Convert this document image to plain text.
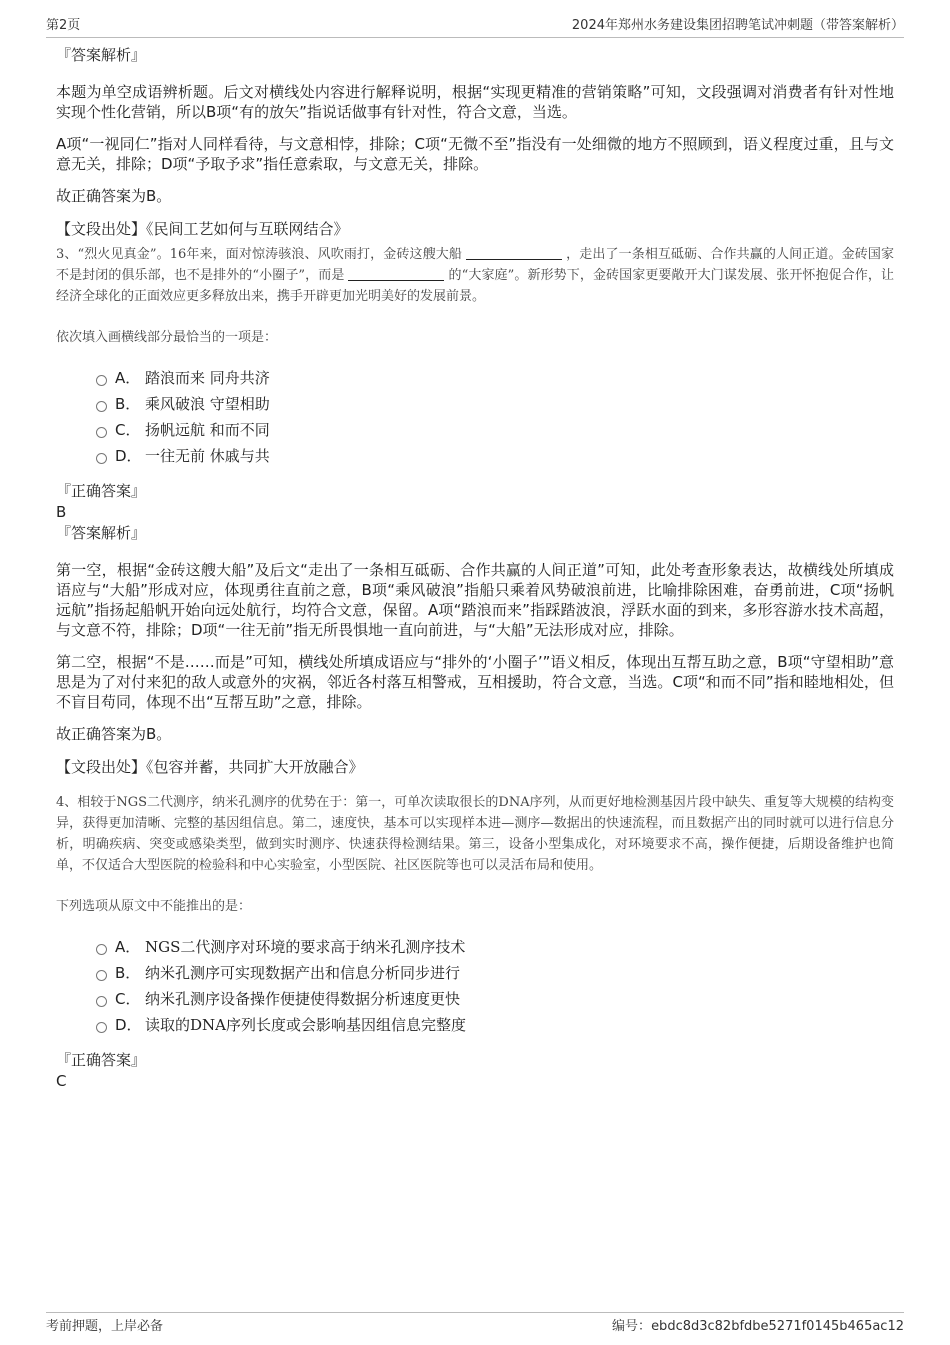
第2页	2024年郑州水务建设集团招聘笔试冲刺题（带答案解析）
『答案解析』
本题为单空成语辨析题。后文对横线处内容进行解释说明，根据“实现更精准的营销策略”可知，文段强调对消费者有针对性地实现个性化营销，所以B项“有的放矢”指说话做事有针对性，符合文意，当选。
A项“一视同仁”指对人同样看待，与文意相悖，排除；C项“无微不至”指没有一处细微的地方不照顾到，语义程度过重，且与文意无关，排除；D项“予取予求”指任意索取，与文意无关，排除。
故正确答案为B。
【文段出处】《民间工艺如何与互联网结合》
3、“烈火见真金”。16年来，面对惊涛骇浪、风吹雨打，金砖这艘大船	，走出了一条相互砥砺、合作共赢的人间正道。金砖国家不是封闭的俱乐部，也不是排外的“小圈子”，而是	的“大家庭”。新形势下，金砖国家更要敞开大门谋发展、张开怀抱促合作，让经济全球化的正面效应更多释放出来，携手开辟更加光明美好的发展前景。
依次填入画横线部分最恰当的一项是：
A． 踏浪而来 同舟共济
B． 乘风破浪 守望相助
C． 扬帆远航 和而不同
D． 一往无前 休戚与共
『正确答案』
B
『答案解析』
第一空，根据“金砖这艘大船”及后文“走出了一条相互砥砺、合作共赢的人间正道”可知，此处考查形象表达，故横线处所填成语应与“大船”形成对应，体现勇往直前之意，B项“乘风破浪”指船只乘着风势破浪前进，比喻排除困难，奋勇前进，C项“扬帆远航”指扬起船帆开始向远处航行，均符合文意，保留。A项“踏浪而来”指踩踏波浪，浮跃水面的到来，多形容游水技术高超，与文意不符，排除；D项“一往无前”指无所畏惧地一直向前进，与“大船”无法形成对应，排除。
第二空，根据“不是……而是”可知，横线处所填成语应与“排外的‘小圈子’”语义相反，体现出互帮互助之意，B项“守望相助”意思是为了对付来犯的敌人或意外的灾祸，邻近各村落互相警戒，互相援助，符合文意，当选。C项“和而不同”指和睦地相处，但不盲目苟同，体现不出“互帮互助”之意，排除。
故正确答案为B。
【文段出处】《包容并蓄，共同扩大开放融合》
4、相较于NGS二代测序，纳米孔测序的优势在于：第一，可单次读取很长的DNA序列，从而更好地检测基因片段中缺失、重复等大规模的结构变异，获得更加清晰、完整的基因组信息。第二，速度快，基本可以实现样本进—测序—数据出的快速流程，而且数据产出的同时就可以进行信息分析，明确疾病、突变或感染类型，做到实时测序、快速获得检测结果。第三，设备小型集成化，对环境要求不高，操作便捷，后期设备维护也简单，不仅适合大型医院的检验科和中心实验室，小型医院、社区医院等也可以灵活布局和使用。
下列选项从原文中不能推出的是：
A． NGS二代测序对环境的要求高于纳米孔测序技术
B． 纳米孔测序可实现数据产出和信息分析同步进行
C． 纳米孔测序设备操作便捷使得数据分析速度更快
D． 读取的DNA序列长度或会影响基因组信息完整度
『正确答案』
C
考前押题，上岸必备	编号：ebdc8d3c82bfdbe5271f0145b465ac12
